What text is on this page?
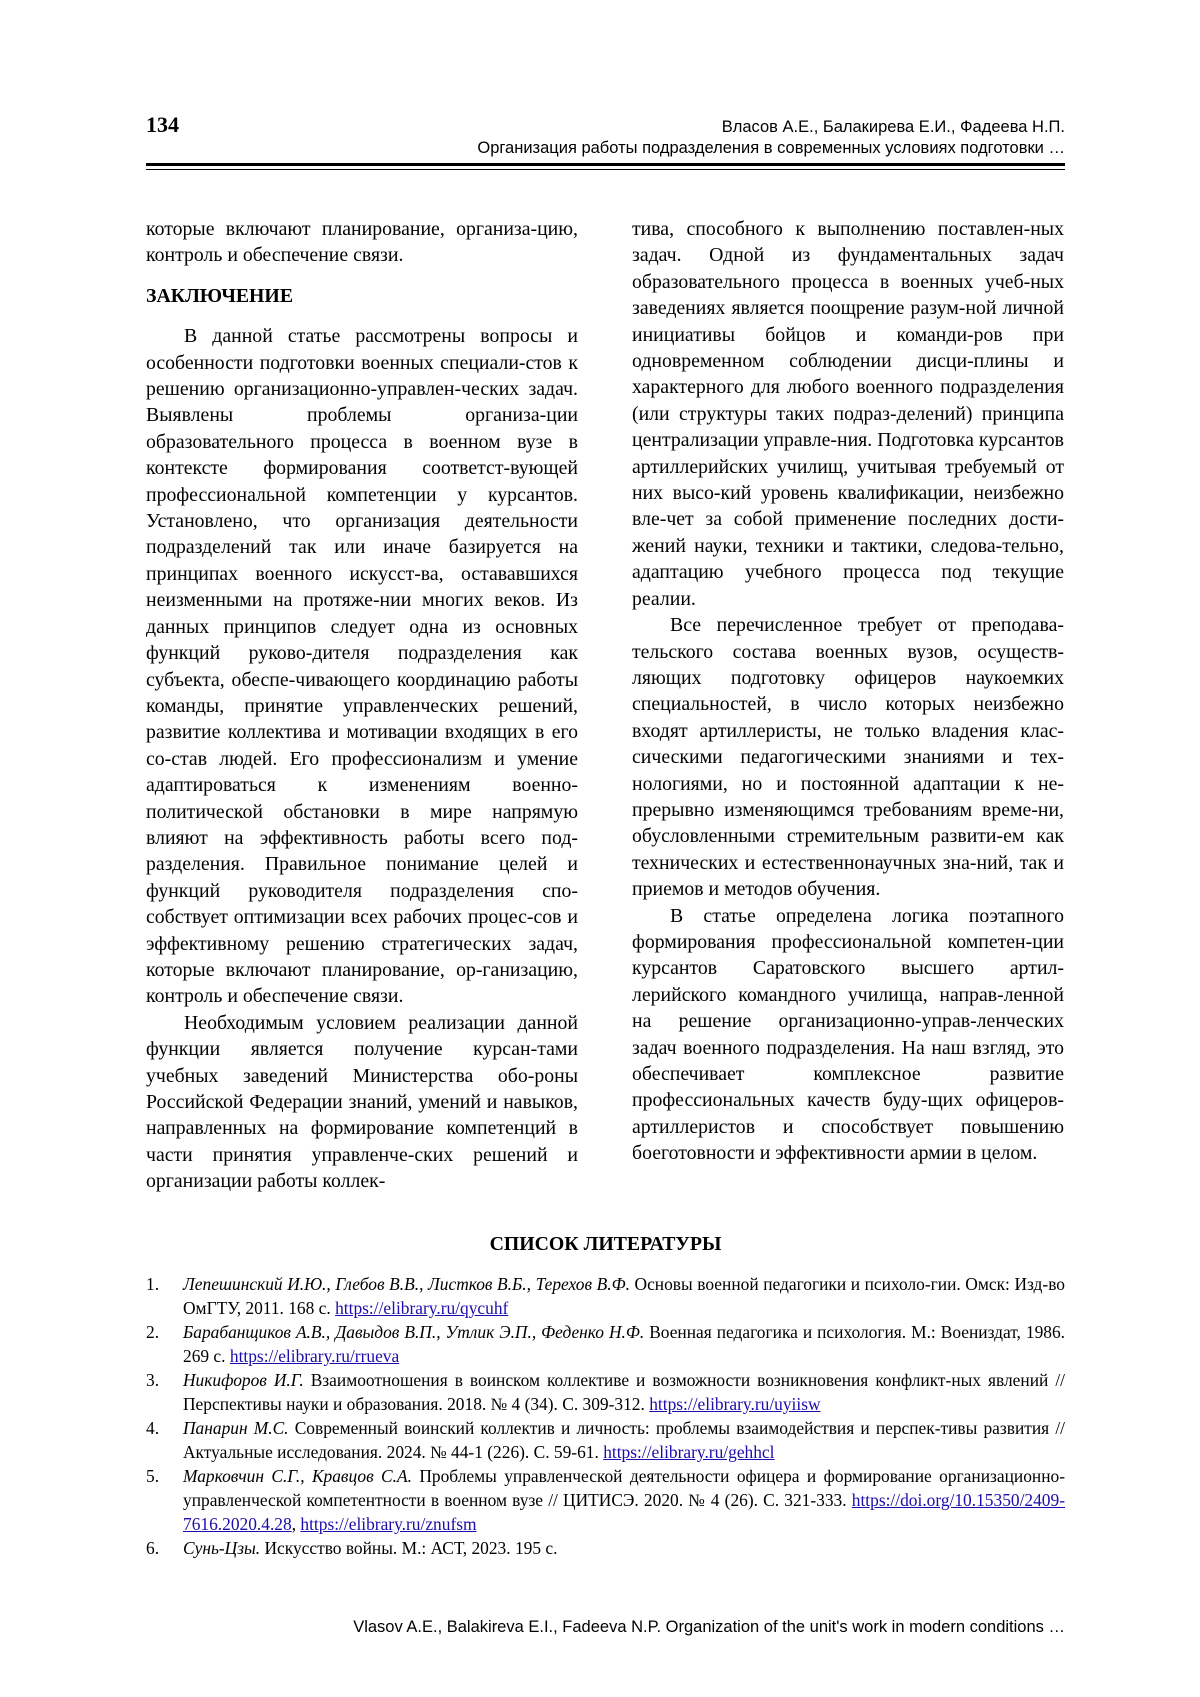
134	Власов А.Е., Балакирева Е.И., Фадеева Н.П.
Организация работы подразделения в современных условиях подготовки …

которые включают планирование, организа-цию, контроль и обеспечение связи.

ЗАКЛЮЧЕНИЕ

В данной статье рассмотрены вопросы и особенности подготовки военных специали-стов к решению организационно-управлен-ческих задач. Выявлены проблемы организа-ции образовательного процесса в военном вузе в контексте формирования соответст-вующей профессиональной компетенции у курсантов. Установлено, что организация деятельности подразделений так или иначе базируется на принципах военного искусст-ва, остававшихся неизменными на протяже-нии многих веков. Из данных принципов следует одна из основных функций руково-дителя подразделения как субъекта, обеспе-чивающего координацию работы команды, принятие управленческих решений, развитие коллектива и мотивации входящих в его со-став людей. Его профессионализм и умение адаптироваться к изменениям военно-политической обстановки в мире напрямую влияют на эффективность работы всего под-разделения. Правильное понимание целей и функций руководителя подразделения спо-собствует оптимизации всех рабочих процес-сов и эффективному решению стратегических задач, которые включают планирование, ор-ганизацию, контроль и обеспечение связи.

Необходимым условием реализации данной функции является получение курсан-тами учебных заведений Министерства обо-роны Российской Федерации знаний, умений и навыков, направленных на формирование компетенций в части принятия управленче-ских решений и организации работы коллек-

тива, способного к выполнению поставлен-ных задач. Одной из фундаментальных задач образовательного процесса в военных учеб-ных заведениях является поощрение разум-ной личной инициативы бойцов и команди-ров при одновременном соблюдении дисци-плины и характерного для любого военного подразделения (или структуры таких подраз-делений) принципа централизации управле-ния. Подготовка курсантов артиллерийских училищ, учитывая требуемый от них высо-кий уровень квалификации, неизбежно вле-чет за собой применение последних дости-жений науки, техники и тактики, следова-тельно, адаптацию учебного процесса под текущие реалии.

Все перечисленное требует от преподава-тельского состава военных вузов, осуществ-ляющих подготовку офицеров наукоемких специальностей, в число которых неизбежно входят артиллеристы, не только владения клас-сическими педагогическими знаниями и тех-нологиями, но и постоянной адаптации к не-прерывно изменяющимся требованиям време-ни, обусловленными стремительным развити-ем как технических и естественнонаучных зна-ний, так и приемов и методов обучения.

В статье определена логика поэтапного формирования профессиональной компетен-ции курсантов Саратовского высшего артил-лерийского командного училища, направ-ленной на решение организационно-управ-ленческих задач военного подразделения. На наш взгляд, это обеспечивает комплексное развитие профессиональных качеств буду-щих офицеров-артиллеристов и способствует повышению боеготовности и эффективности армии в целом.

СПИСОК ЛИТЕРАТУРЫ
1. Лепешинский И.Ю., Глебов В.В., Листков В.Б., Терехов В.Ф. Основы военной педагогики и психоло-гии. Омск: Изд-во ОмГТУ, 2011. 168 с. https://elibrary.ru/qycuhf
2. Барабанщиков А.В., Давыдов В.П., Утлик Э.П., Феденко Н.Ф. Военная педагогика и психология. М.: Воениздат, 1986. 269 с. https://elibrary.ru/rrueva
3. Никифоров И.Г. Взаимоотношения в воинском коллективе и возможности возникновения конфликт-ных явлений // Перспективы науки и образования. 2018. № 4 (34). С. 309-312. https://elibrary.ru/uyiisw
4. Панарин М.С. Современный воинский коллектив и личность: проблемы взаимодействия и перспек-тивы развития // Актуальные исследования. 2024. № 44-1 (226). С. 59-61. https://elibrary.ru/gehhcl
5. Марковчин С.Г., Кравцов С.А. Проблемы управленческой деятельности офицера и формирование организационно-управленческой компетентности в военном вузе // ЦИТИСЭ. 2020. № 4 (26). С. 321-333. https://doi.org/10.15350/2409-7616.2020.4.28, https://elibrary.ru/znufsm
6. Сунь-Цзы. Искусство войны. М.: АСТ, 2023. 195 с.
Vlasov A.E., Balakireva E.I., Fadeeva N.P. Organization of the unit's work in modern conditions …
